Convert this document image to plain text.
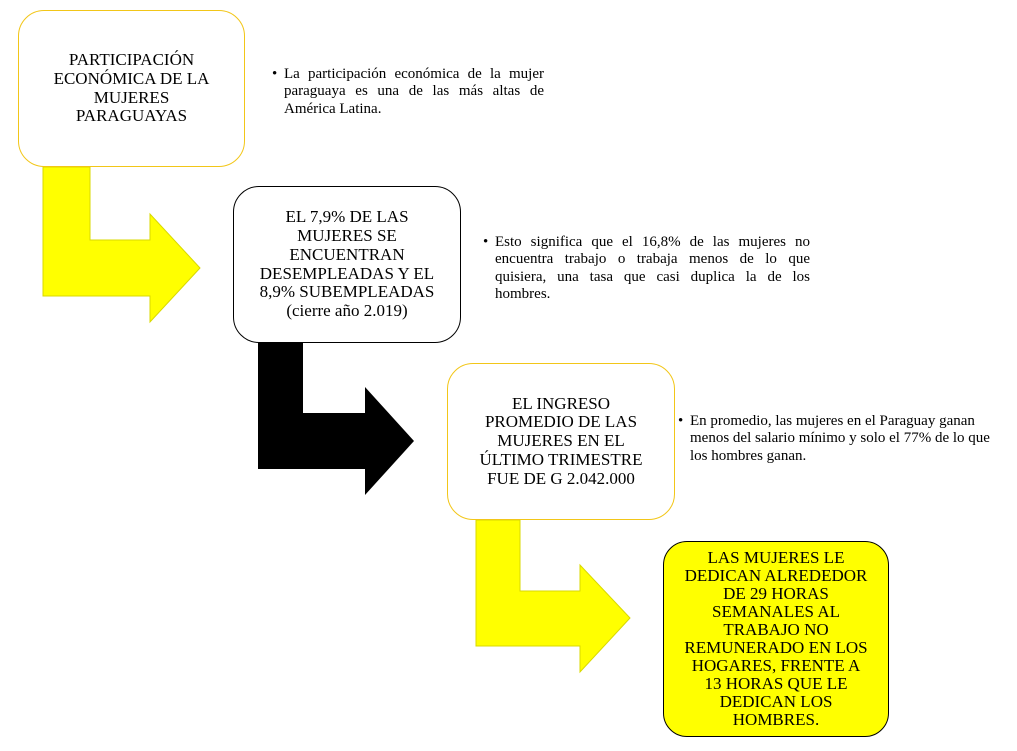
PARTICIPACIÓN
ECONÓMICA DE LA
MUJERES
PARAGUAYAS
• La participación económica de la mujer paraguaya es una de las más altas de América Latina.
EL 7,9% DE LAS
MUJERES SE
ENCUENTRAN
DESEMPLEADAS Y EL
8,9% SUBEMPLEADAS
(cierre año 2.019)
• Esto significa que el 16,8% de las mujeres no encuentra trabajo o trabaja menos de lo que quisiera, una tasa que casi duplica la de los hombres.
EL INGRESO
PROMEDIO DE LAS
MUJERES EN EL
ÚLTIMO TRIMESTRE
FUE DE G 2.042.000
• En promedio, las mujeres en el Paraguay ganan menos del salario mínimo y solo el 77% de lo que los hombres ganan.
LAS MUJERES LE
DEDICAN ALREDEDOR
DE 29 HORAS
SEMANALES AL
TRABAJO NO
REMUNERADO EN LOS
HOGARES, FRENTE A
13 HORAS QUE LE
DEDICAN LOS
HOMBRES.
